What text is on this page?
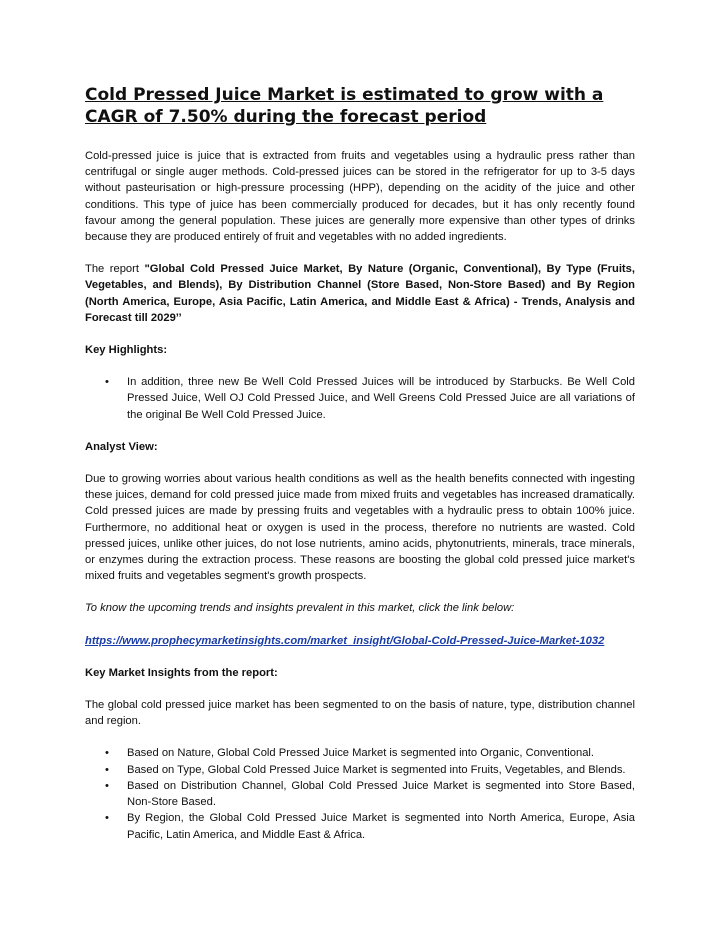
Cold Pressed Juice Market is estimated to grow with a CAGR of 7.50% during the forecast period

Cold-pressed juice is juice that is extracted from fruits and vegetables using a hydraulic press rather than centrifugal or single auger methods. Cold-pressed juices can be stored in the refrigerator for up to 3-5 days without pasteurisation or high-pressure processing (HPP), depending on the acidity of the juice and other conditions. This type of juice has been commercially produced for decades, but it has only recently found favour among the general population. These juices are generally more expensive than other types of drinks because they are produced entirely of fruit and vegetables with no added ingredients.

The report "Global Cold Pressed Juice Market, By Nature (Organic, Conventional), By Type (Fruits, Vegetables, and Blends), By Distribution Channel (Store Based, Non-Store Based) and By Region (North America, Europe, Asia Pacific, Latin America, and Middle East & Africa) - Trends, Analysis and Forecast till 2029’’

Key Highlights:
• In addition, three new Be Well Cold Pressed Juices will be introduced by Starbucks. Be Well Cold Pressed Juice, Well OJ Cold Pressed Juice, and Well Greens Cold Pressed Juice are all variations of the original Be Well Cold Pressed Juice.
Analyst View:

Due to growing worries about various health conditions as well as the health benefits connected with ingesting these juices, demand for cold pressed juice made from mixed fruits and vegetables has increased dramatically. Cold pressed juices are made by pressing fruits and vegetables with a hydraulic press to obtain 100% juice. Furthermore, no additional heat or oxygen is used in the process, therefore no nutrients are wasted. Cold pressed juices, unlike other juices, do not lose nutrients, amino acids, phytonutrients, minerals, trace minerals, or enzymes during the extraction process. These reasons are boosting the global cold pressed juice market's mixed fruits and vegetables segment's growth prospects.

To know the upcoming trends and insights prevalent in this market, click the link below:

https://www.prophecymarketinsights.com/market_insight/Global-Cold-Pressed-Juice-Market-1032

Key Market Insights from the report:

The global cold pressed juice market has been segmented to on the basis of nature, type, distribution channel and region.

• Based on Nature, Global Cold Pressed Juice Market is segmented into Organic, Conventional.
• Based on Type, Global Cold Pressed Juice Market is segmented into Fruits, Vegetables, and Blends.
• Based on Distribution Channel, Global Cold Pressed Juice Market is segmented into Store Based, Non-Store Based.
• By Region, the Global Cold Pressed Juice Market is segmented into North America, Europe, Asia Pacific, Latin America, and Middle East & Africa.
